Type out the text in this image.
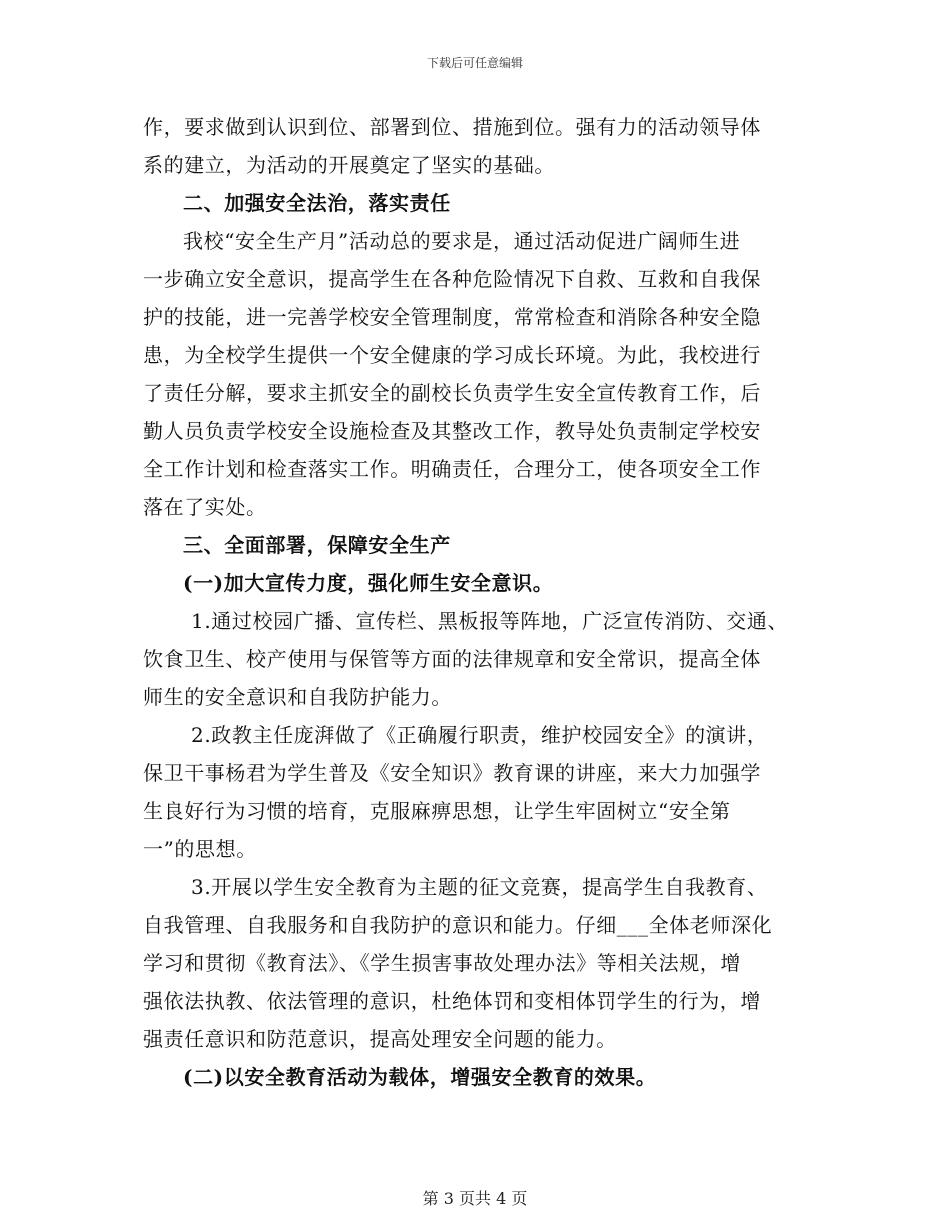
下载后可任意编辑
作，要求做到认识到位、部署到位、措施到位。强有力的活动领导体
系的建立，为活动的开展奠定了坚实的基础。
二、加强安全法治，落实责任
我校“安全生产月”活动总的要求是，通过活动促进广阔师生进
一步确立安全意识，提高学生在各种危险情况下自救、互救和自我保
护的技能，进一完善学校安全管理制度，常常检查和消除各种安全隐
患，为全校学生提供一个安全健康的学习成长环境。为此，我校进行
了责任分解，要求主抓安全的副校长负责学生安全宣传教育工作，后
勤人员负责学校安全设施检查及其整改工作，教导处负责制定学校安
全工作计划和检查落实工作。明确责任，合理分工，使各项安全工作
落在了实处。
三、全面部署，保障安全生产
(一)加大宣传力度，强化师生安全意识。
1.通过校园广播、宣传栏、黑板报等阵地，广泛宣传消防、交通、
饮食卫生、校产使用与保管等方面的法律规章和安全常识，提高全体
师生的安全意识和自我防护能力。
2.政教主任庞湃做了《正确履行职责，维护校园安全》的演讲，
保卫干事杨君为学生普及《安全知识》教育课的讲座，来大力加强学
生良好行为习惯的培育，克服麻痹思想，让学生牢固树立“安全第
一”的思想。
3.开展以学生安全教育为主题的征文竞赛，提高学生自我教育、
自我管理、自我服务和自我防护的意识和能力。仔细___全体老师深化
学习和贯彻《教育法》、《学生损害事故处理办法》等相关法规，增
强依法执教、依法管理的意识，杜绝体罚和变相体罚学生的行为，增
强责任意识和防范意识，提高处理安全问题的能力。
(二)以安全教育活动为载体，增强安全教育的效果。
第 3 页共 4 页
